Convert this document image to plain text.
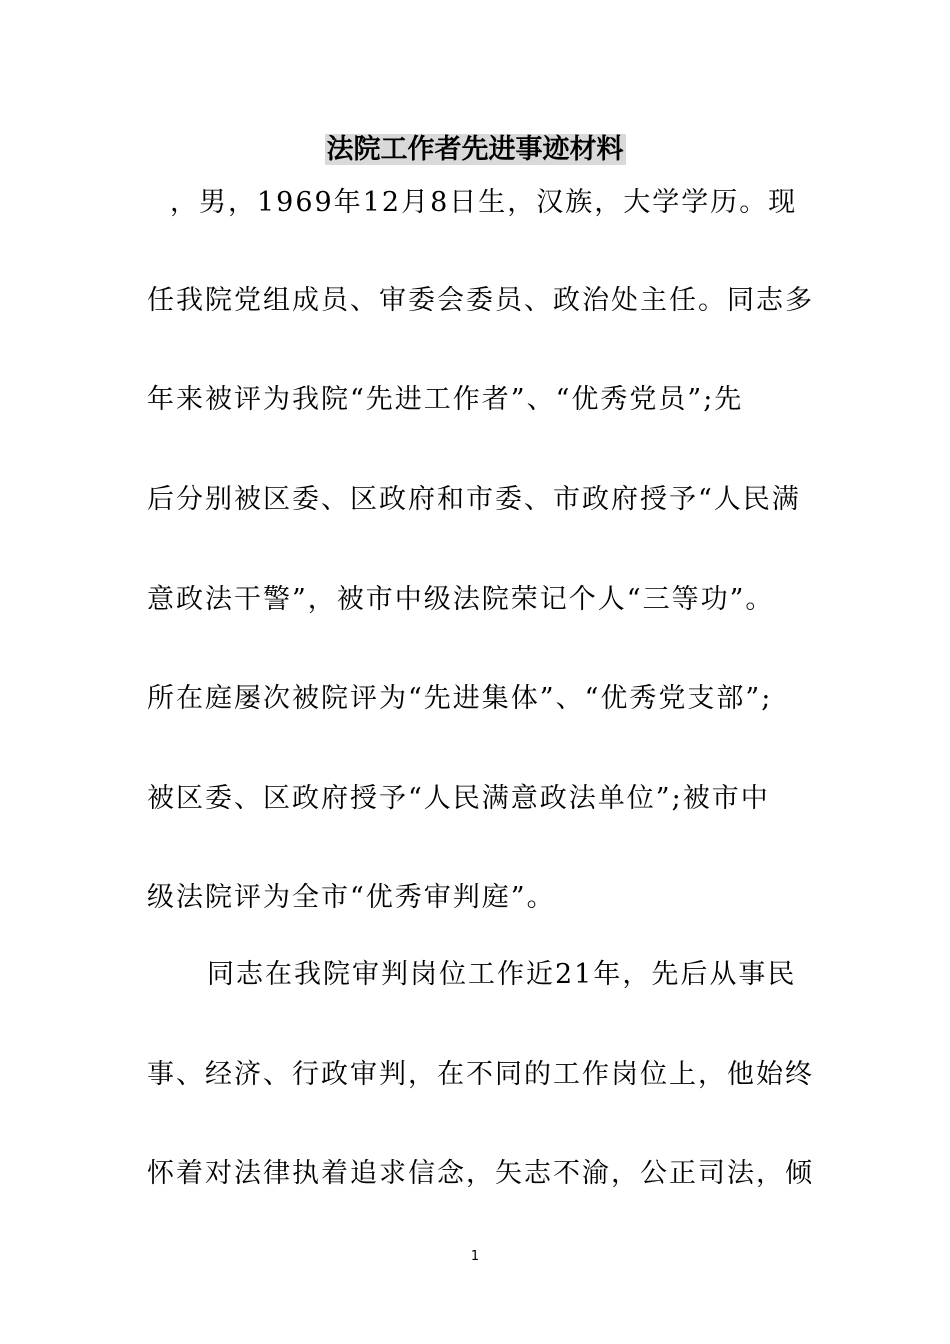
法院工作者先进事迹材料
，男，1969年12月8日生，汉族，大学学历。现
任我院党组成员、审委会委员、政治处主任。同志多
年来被评为我院“先进工作者”、“优秀党员”;先
后分别被区委、区政府和市委、市政府授予“人民满
意政法干警”，被市中级法院荣记个人“三等功”。
所在庭屡次被院评为“先进集体”、“优秀党支部”;
被区委、区政府授予“人民满意政法单位”;被市中
级法院评为全市“优秀审判庭”。
同志在我院审判岗位工作近21年，先后从事民
事、经济、行政审判，在不同的工作岗位上，他始终
怀着对法律执着追求信念，矢志不渝，公正司法，倾
1
